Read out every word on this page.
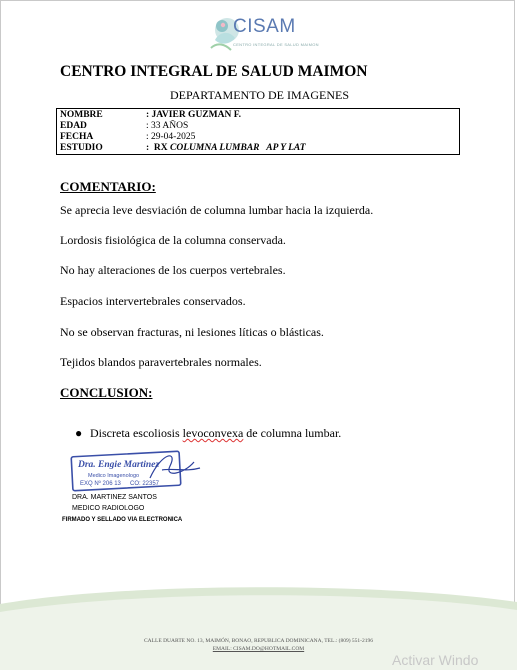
CISAM
CENTRO INTEGRAL DE SALUD MAIMON
CENTRO INTEGRAL DE SALUD MAIMON
DEPARTAMENTO DE IMAGENES
NOMBRE	: JAVIER GUZMAN F.
EDAD	: 33 AÑOS
FECHA	: 29-04-2025
ESTUDIO	:  RX COLUMNA LUMBAR   AP Y LAT
COMENTARIO:
Se aprecia leve desviación de columna lumbar hacia la izquierda.
Lordosis fisiológica de la columna conservada.
No hay alteraciones de los cuerpos vertebrales.
Espacios intervertebrales conservados.
No se observan fracturas, ni lesiones líticas o blásticas.
Tejidos blandos paravertebrales normales.
CONCLUSION:
● Discreta escoliosis levoconvexa de columna lumbar.
Dra. Engie Martinez
Medico Imagenologo
EXQ Nº 206 13 CO: 22357
DRA. MARTINEZ SANTOS
MEDICO RADIOLOGO
FIRMADO Y SELLADO VIA ELECTRONICA
CALLE DUARTE NO. 13, MAIMÓN, BONAO, REPUBLICA DOMINICANA, TEL.: (809) 551-2196
EMAIL: CISAM.DO@HOTMAIL.COM
Activar Windo
